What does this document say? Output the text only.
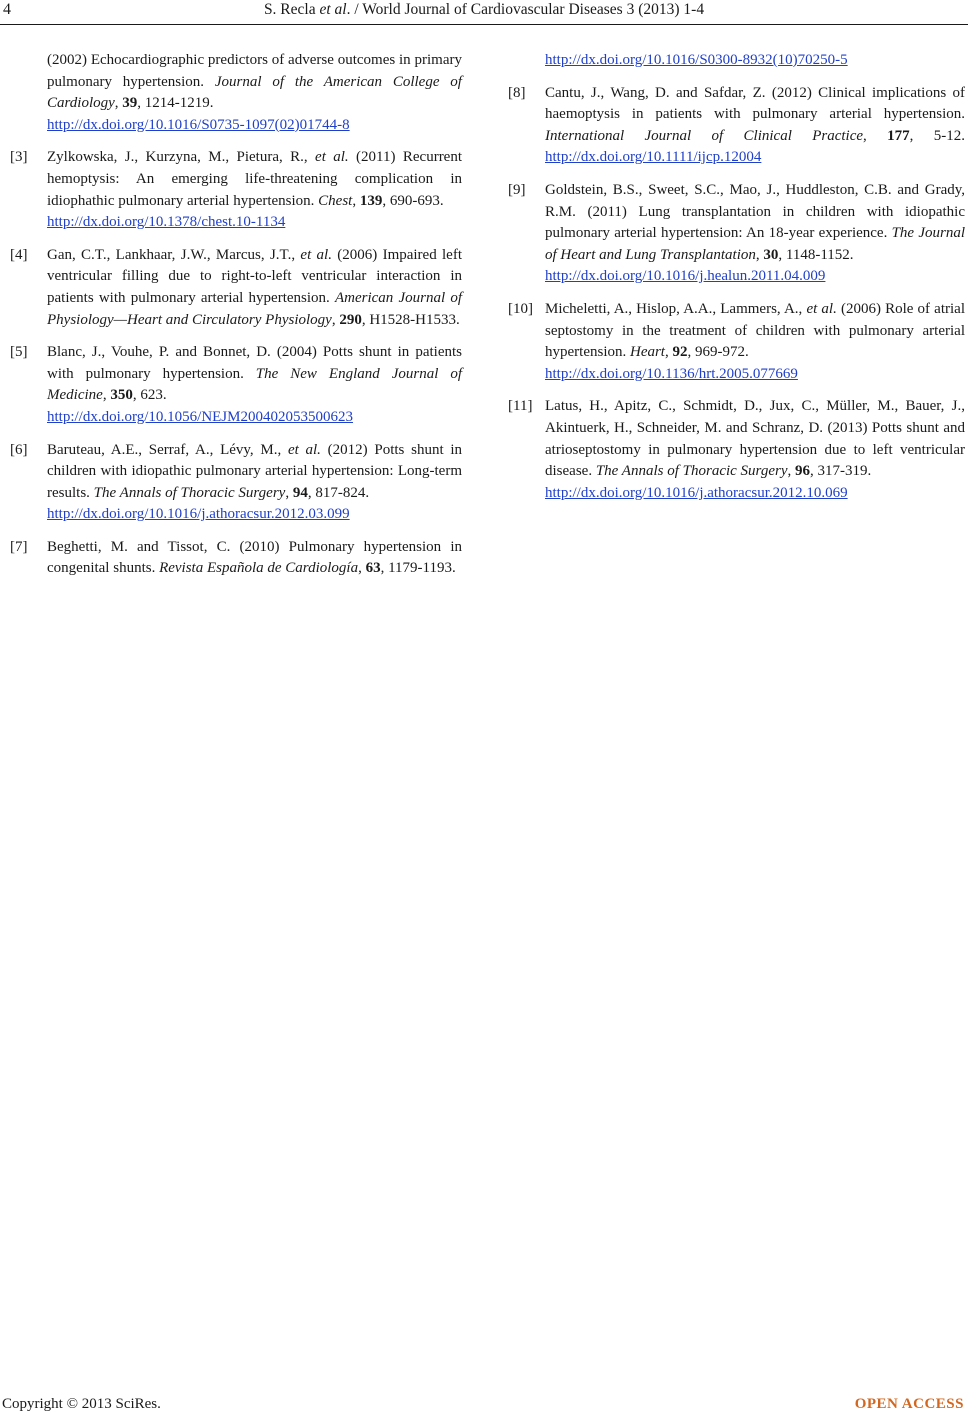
4	S. Recla et al. / World Journal of Cardiovascular Diseases 3 (2013) 1-4
(2002) Echocardiographic predictors of adverse outcomes in primary pulmonary hypertension. Journal of the American College of Cardiology, 39, 1214-1219.
http://dx.doi.org/10.1016/S0735-1097(02)01744-8
[3]	Zylkowska, J., Kurzyna, M., Pietura, R., et al. (2011) Recurrent hemoptysis: An emerging life-threatening complication in idiophathic pulmonary arterial hypertension. Chest, 139, 690-693.
http://dx.doi.org/10.1378/chest.10-1134
[4]	Gan, C.T., Lankhaar, J.W., Marcus, J.T., et al. (2006) Impaired left ventricular filling due to right-to-left ventricular interaction in patients with pulmonary arterial hypertension. American Journal of Physiology—Heart and Circulatory Physiology, 290, H1528-H1533.
[5]	Blanc, J., Vouhe, P. and Bonnet, D. (2004) Potts shunt in patients with pulmonary hypertension. The New England Journal of Medicine, 350, 623.
http://dx.doi.org/10.1056/NEJM200402053500623
[6]	Baruteau, A.E., Serraf, A., Lévy, M., et al. (2012) Potts shunt in children with idiopathic pulmonary arterial hypertension: Long-term results. The Annals of Thoracic Surgery, 94, 817-824.
http://dx.doi.org/10.1016/j.athoracsur.2012.03.099
[7]	Beghetti, M. and Tissot, C. (2010) Pulmonary hypertension in congenital shunts. Revista Española de Cardiología, 63, 1179-1193.
http://dx.doi.org/10.1016/S0300-8932(10)70250-5
[8]	Cantu, J., Wang, D. and Safdar, Z. (2012) Clinical implications of haemoptysis in patients with pulmonary arterial hypertension. International Journal of Clinical Practice, 177, 5-12. http://dx.doi.org/10.1111/ijcp.12004
[9]	Goldstein, B.S., Sweet, S.C., Mao, J., Huddleston, C.B. and Grady, R.M. (2011) Lung transplantation in children with idiopathic pulmonary arterial hypertension: An 18-year experience. The Journal of Heart and Lung Transplantation, 30, 1148-1152.
http://dx.doi.org/10.1016/j.healun.2011.04.009
[10] Micheletti, A., Hislop, A.A., Lammers, A., et al. (2006) Role of atrial septostomy in the treatment of children with pulmonary arterial hypertension. Heart, 92, 969-972.
http://dx.doi.org/10.1136/hrt.2005.077669
[11] Latus, H., Apitz, C., Schmidt, D., Jux, C., Müller, M., Bauer, J., Akintuerk, H., Schneider, M. and Schranz, D. (2013) Potts shunt and atrioseptostomy in pulmonary hypertension due to left ventricular disease. The Annals of Thoracic Surgery, 96, 317-319.
http://dx.doi.org/10.1016/j.athoracsur.2012.10.069
Copyright © 2013 SciRes.	OPEN ACCESS
